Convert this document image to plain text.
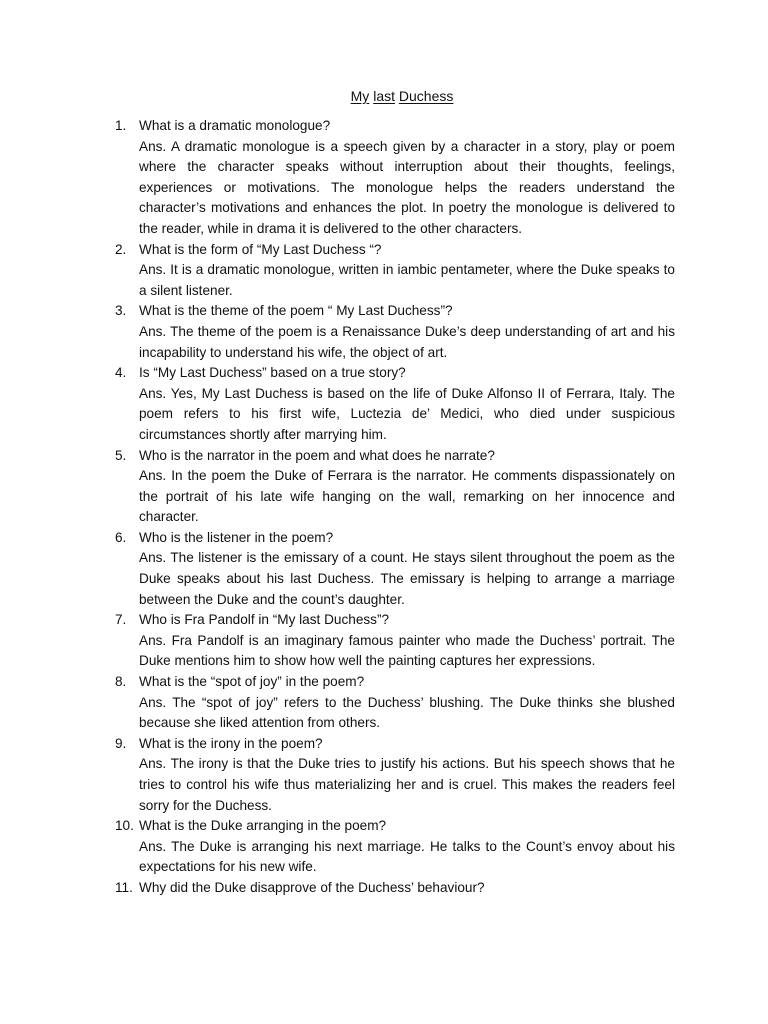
My last Duchess
1. What is a dramatic monologue?
Ans. A dramatic monologue is a speech given by a character in a story, play or poem where the character speaks without interruption about their thoughts, feelings, experiences or motivations. The monologue helps the readers understand the character’s motivations and enhances the plot. In poetry the monologue is delivered to the reader, while in drama it is delivered to the other characters.
2. What is the form of “My Last Duchess “?
Ans. It is a dramatic monologue, written in iambic pentameter, where the Duke speaks to a silent listener.
3. What is the theme of the poem “ My Last Duchess”?
Ans. The theme of the poem is a Renaissance Duke’s deep understanding of art and his incapability to understand his wife, the object of art.
4. Is “My Last Duchess” based on a true story?
Ans. Yes, My Last Duchess is based on the life of Duke Alfonso II of Ferrara, Italy. The poem refers to his first wife, Luctezia de’ Medici, who died under suspicious circumstances shortly after marrying him.
5. Who is the narrator in the poem and what does he narrate?
Ans. In the poem the Duke of Ferrara is the narrator. He comments dispassionately on the portrait of his late wife hanging on the wall, remarking on her innocence and character.
6. Who is the listener in the poem?
Ans. The listener is the emissary of a count. He stays silent throughout the poem as the Duke speaks about his last Duchess. The emissary is helping to arrange a marriage between the Duke and the count’s daughter.
7. Who is Fra Pandolf in “My last Duchess”?
Ans. Fra Pandolf is an imaginary famous painter who made the Duchess’ portrait. The Duke mentions him to show how well the painting captures her expressions.
8. What is the “spot of joy” in the poem?
Ans. The “spot of joy” refers to the Duchess’ blushing. The Duke thinks she blushed because she liked attention from others.
9. What is the irony in the poem?
Ans. The irony is that the Duke tries to justify his actions. But his speech shows that he tries to control his wife thus materializing her and is cruel. This makes the readers feel sorry for the Duchess.
10. What is the Duke arranging in the poem?
Ans. The Duke is arranging his next marriage. He talks to the Count’s envoy about his expectations for his new wife.
11. Why did the Duke disapprove of the Duchess’ behaviour?
